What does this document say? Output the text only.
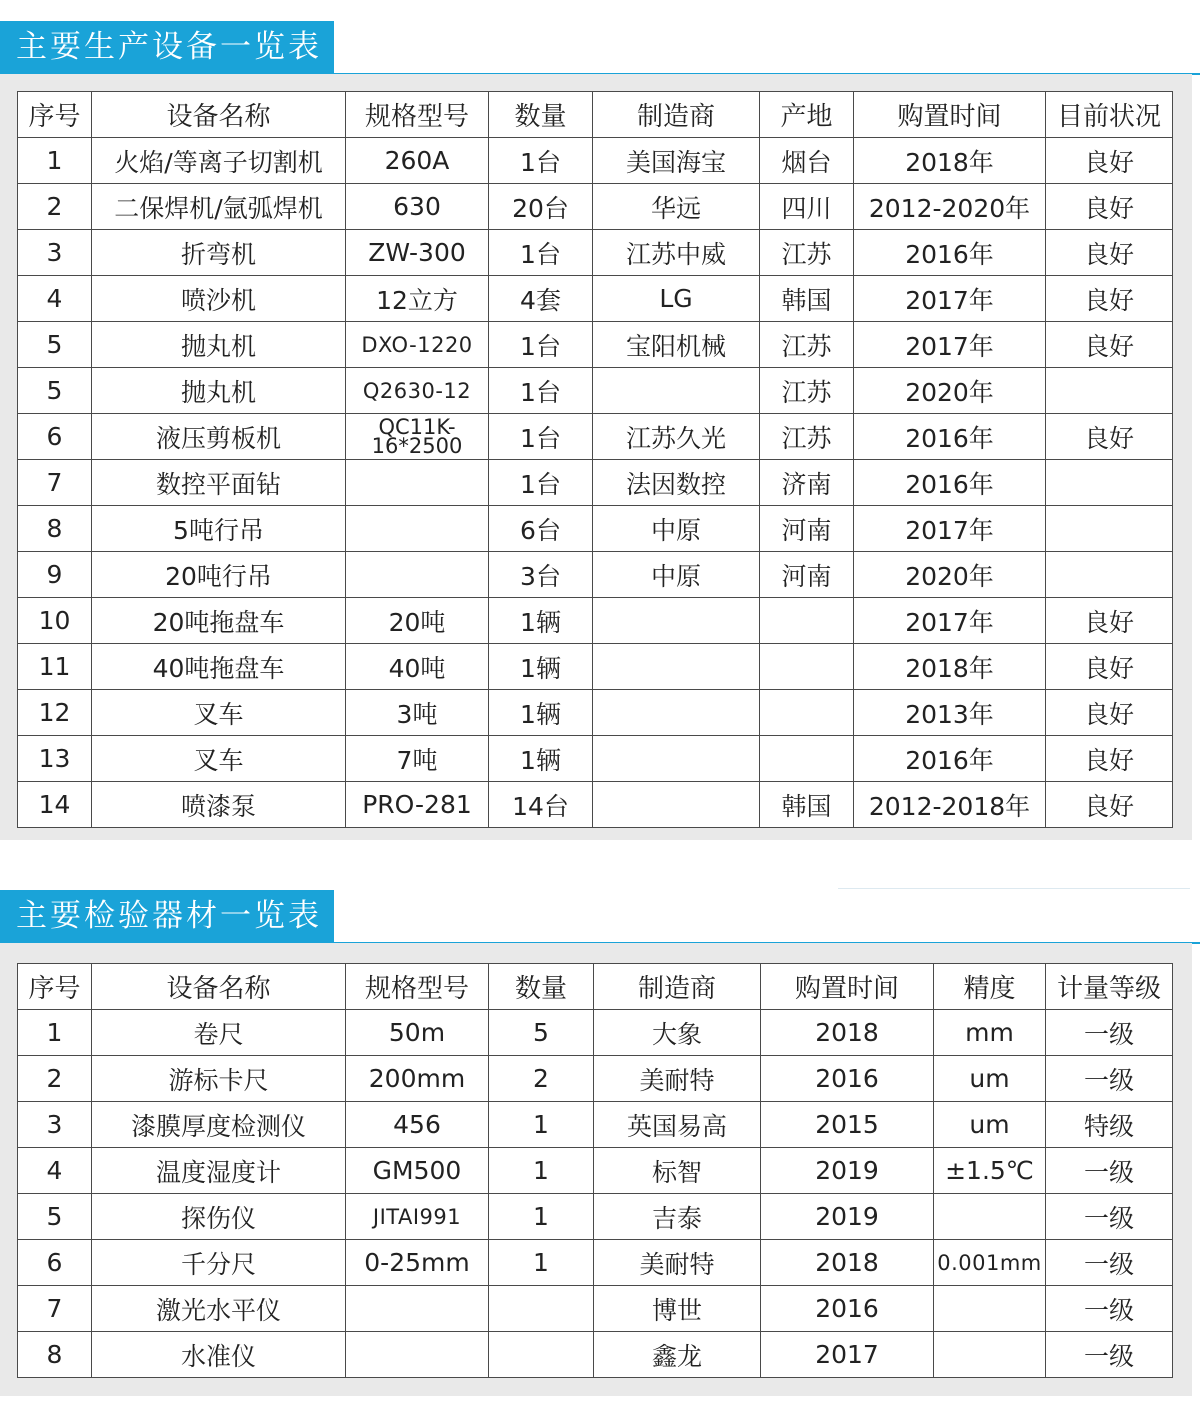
主要生产设备一览表
序号	设备名称	规格型号	数量	制造商	产地	购置时间	目前状况
1	火焰/等离子切割机	260A	1台	美国海宝	烟台	2018年	良好
2	二保焊机/氩弧焊机	630	20台	华远	四川	2012-2020年	良好
3	折弯机	ZW-300	1台	江苏中威	江苏	2016年	良好
4	喷沙机	12立方	4套	LG	韩国	2017年	良好
5	抛丸机	DXO-1220	1台	宝阳机械	江苏	2017年	良好
5	抛丸机	Q2630-12	1台		江苏	2020年	
6	液压剪板机	QC11K-16*2500	1台	江苏久光	江苏	2016年	良好
7	数控平面钻		1台	法因数控	济南	2016年	
8	5吨行吊		6台	中原	河南	2017年	
9	20吨行吊		3台	中原	河南	2020年	
10	20吨拖盘车	20吨	1辆			2017年	良好
11	40吨拖盘车	40吨	1辆			2018年	良好
12	叉车	3吨	1辆			2013年	良好
13	叉车	7吨	1辆			2016年	良好
14	喷漆泵	PRO-281	14台		韩国	2012-2018年	良好
主要检验器材一览表
序号	设备名称	规格型号	数量	制造商	购置时间	精度	计量等级
1	卷尺	50m	5	大象	2018	mm	一级
2	游标卡尺	200mm	2	美耐特	2016	um	一级
3	漆膜厚度检测仪	456	1	英国易高	2015	um	特级
4	温度湿度计	GM500	1	标智	2019	±1.5℃	一级
5	探伤仪	JITAI991	1	吉泰	2019		一级
6	千分尺	0-25mm	1	美耐特	2018	0.001mm	一级
7	激光水平仪			博世	2016		一级
8	水准仪			鑫龙	2017		一级
